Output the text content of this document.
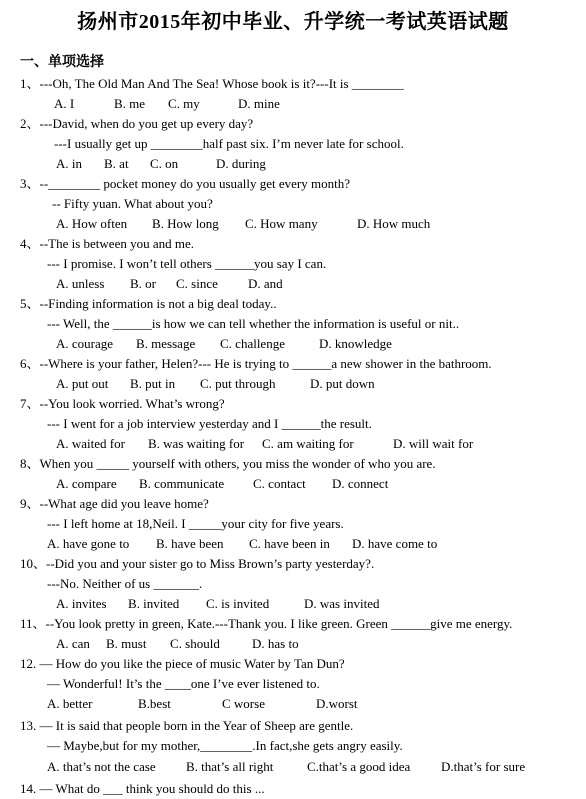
扬州市2015年初中毕业、升学统一考试英语试题
一、单项选择
1、---Oh, The Old Man And The Sea! Whose book is it?---It is ________
2、---David, when do you get up every day?
---I usually get up ________half past six. I’m never late for school.
3、--________ pocket money do you usually get every month?
-- Fifty yuan. What about you?
4、--The is between you and me.
--- I promise. I won’t tell others ______you say I can.
5、--Finding information is not a big deal today..
--- Well, the ______is how we can tell whether the information is useful or nit..
6、--Where is your father, Helen?--- He is trying to ______a new shower in the bathroom.
7、--You look worried. What’s wrong?
--- I went for a job interview yesterday and I ______the result.
8、When you _____ yourself with others, you miss the wonder of who you are.
9、--What age did you leave home?
--- I left home at 18,Neil. I _____your city for five years.
10、--Did you and your sister go to Miss Brown’s party yesterday?.
---No. Neither of us _______.
11、--You look pretty in green, Kate.---Thank you. I like green. Green ______give me energy.
12. — How do you like the piece of music Water by Tan Dun?
— Wonderful! It’s the ____one I’ve ever listened to.
13. — It is said that people born in the Year of Sheep are gentle.
— Maybe,but for my mother,________.In fact,she gets angry easily.
A. I	B. me C. my	D. mine
A. in B. at C. on	D. during
A. How often B. How long C. How many	D. How much
A. unless B. or C. since D. and
A. courage B. message C. challenge	D. knowledge
A. put out B. put in C. put through	D. put down
A. waited for B. was waiting for C. am waiting for	D. will wait for
A. compare B. communicate C. contact D. connect
A. have gone to B. have been C. have been in D. have come to
A. invites B. invited C. is invited	D. was invited
A. can B. must C. should D. has to
A. better	B.best	C worse	D.worst
A. that’s not the case B. that’s all right	C.that’s a good idea D.that’s for sure
14. — What do ___ think you should do this ...
